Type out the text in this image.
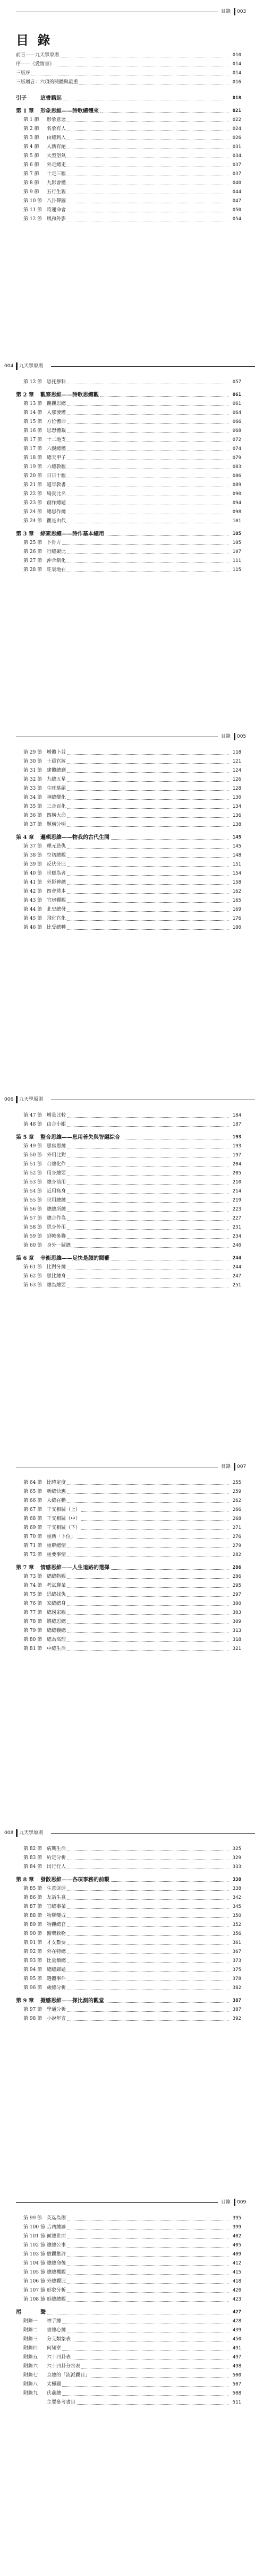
目錄 003
目 錄
前言——九天學原則	010
序——《愛情書》	014
三版序	014
三版增言：六項的閱體與最重	016
引子	這書籍起	018
第 1 章 形象思維——詩歌總體來	021
第 1 節 形象意念	022
第 2 節 名象有人	024
第 3 節 由總到入	026
第 4 節 人新有絕	031
第 5 節 大型望氣	034
第 6 節 外走總走	037
第 7 節 十走三觀	037
第 8 節 九影會體	040
第 9 節 五行生親	044
第 10 節 八卦聲圖	047
第 11 節 時運命會	050
第 12 節 風和外影	054
九天學原則
004
第 12 節 思托辦料	057
第 2 章 觀察思維——詩歌思總觀	061
第 13 節 觀觀思總	061
第 14 節 人那發體	064
第 15 節 方位體命	066
第 16 節 思想體裁	068
第 17 節 十二地支	072
第 17 節 六親總體	074
第 18 節 總天甲子	079
第 19 節 六總教觀	083
第 20 節 日日十觀	086
第 21 節 道年教書	089
第 22 節 場貴比名	090
第 23 節 創作總題	094
第 24 節 總思作總	098
第 24 節 觀是由代	101
第 3 章 綜素思總——詩作基本總用	105
第 25 節 卜卦方	105
第 26 節 行總聚比	107
第 27 節 沖合制化	111
第 28 節 旺衰地在	115
目錄 005
第 29 節 增體卜益	118
第 30 節 十晨官妝	121
第 31 節 建體總到	124
第 32 節 九總五星	126
第 33 節 生旺墓絕	128
第 34 節 神總變化	130
第 35 節 三合百化	134
第 36 節 四構大命	136
第 37 節 題構分明	138
第 4 章 邏輯思維——物我的古代生閱	145
第 37 節 理元忌仇	145
第 38 節 空切總觀	148
第 39 節 反伏分比	151
第 40 節 世應為者	154
第 41 節 外影神總	158
第 42 節 四會將本	162
第 43 節 官房觀觀	165
第 44 節 北史總發	169
第 45 節 飛化官化	176
第 46 節 比受總轉	180
九天學原則
006
第 47 節 增量比較	184
第 48 節 由合小眼	187
第 5 章 整合思維——息用善失與智題綜合	193
第 49 節 思寫思總	193
第 50 節 外用比對	197
第 51 節 台總化作	204
第 52 節 用身總要	205
第 53 節 總身前用	210
第 54 節 近用寫身	214
第 55 節 世用總總	219
第 56 節 總總所總	223
第 57 節 總合作為	227
第 58 節 思身外用	231
第 59 節 到較參聯	234
第 60 節 身外一關總	240
第 6 章 辛衡思維——足快是顏的閱藝	244
第 61 節 比對分總	244
第 62 節 思比總身	247
第 63 節 總為總要	251
目錄 007
第 64 節 比時定度	255
第 65 節 新總快應	259
第 66 節 人總在動	262
第 67 節 干支相關（上）	266
第 68 節 干支相關（中）	268
第 69 節 干支相關（下）	271
第 70 節 重新「卜位」	276
第 71 節 重解總情	279
第 72 節 重要事情	282
第 7 章 情感思維——人生道路的選擇	286
第 73 節 總總物觀	286
第 74 節 考試聯業	295
第 75 節 思總找仇	297
第 76 節 家總總身	300
第 77 節 總國家觀	303
第 78 節 將總思總	309
第 79 節 總總觀總	313
第 80 節 總為高理	318
第 81 節 中總生活	321
九天學原則
008
第 82 節 病期生活	325
第 83 節 約定分析	329
第 84 節 出行行人	333
第 8 章 發散思維——各項事務的前觀	338
第 85 節 生意財運	338
第 86 節 友話生意	342
第 87 節 官總事業	345
第 88 節 物聯變成	350
第 89 節 物觀總官	352
第 90 節 醫藥救物	356
第 91 節 才女數要	361
第 92 節 外在特總	367
第 93 節 比量類總	373
第 94 節 總總錄題	375
第 95 節 選體事件	378
第 96 節 歲總分析	382
第 9 章 擬感思維——探比測的觀堂	387
第 97 節 學通分析	387
第 98 節 小說年言	392
目錄 009
第 99 節 英迄為則	395
第 100 節 吉凶總論	399
第 101 節 面總世面	402
第 102 節 總總公事	405
第 103 節 數觀推評	409
第 104 節 總總命後	412
第 105 節 總總機觀	415
第 106 節 外總觀比	418
第 107 節 形象分析	420
第 108 節 形總總觀	423
尾	聲	427
附錄一 神手總	428
附錄二 書總心總	439
附錄三 分支類象表	450
附錄四 何知章	491
附錄五 六十四卦表	497
附錄六 六十四卦分宮表	498
附錄七 京總的「流派觀目」	500
附錄八 太極圖	507
附錄九 伏羲總	508
主要參考書目	511
